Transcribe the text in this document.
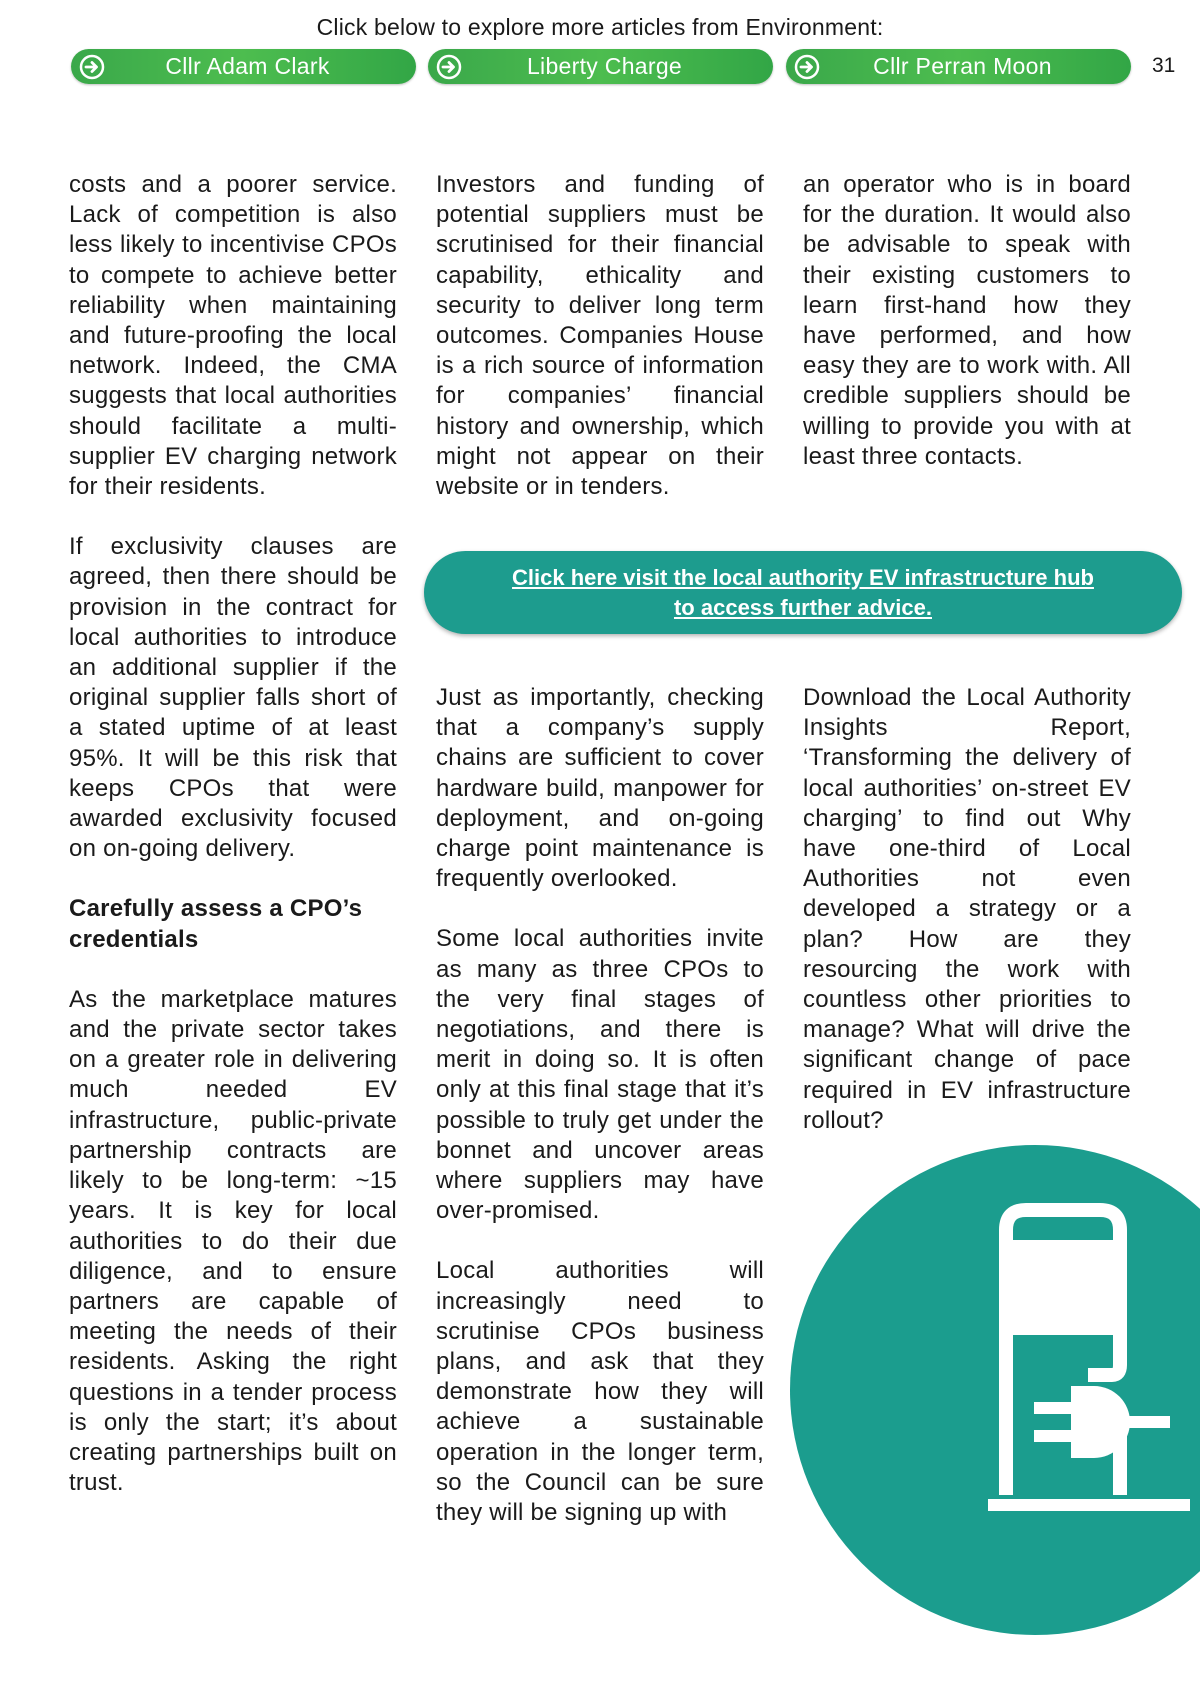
Click below to explore more articles from Environment:
Cllr Adam Clark	Liberty Charge	Cllr Perran Moon	31

costs and a poorer service. Lack of competition is also less likely to incentivise CPOs to compete to achieve better reliability when maintaining and future-proofing the local network. Indeed, the CMA suggests that local authorities should facilitate a multi-supplier EV charging network for their residents.

If exclusivity clauses are agreed, then there should be provision in the contract for local authorities to introduce an additional supplier if the original supplier falls short of a stated uptime of at least 95%. It will be this risk that keeps CPOs that were awarded exclusivity focused on on-going delivery.

Carefully assess a CPO’s credentials

As the marketplace matures and the private sector takes on a greater role in delivering much needed EV infrastructure, public-private partnership contracts are likely to be long-term: ~15 years. It is key for local authorities to do their due diligence, and to ensure partners are capable of meeting the needs of their residents. Asking the right questions in a tender process is only the start; it’s about creating partnerships built on trust.

Investors and funding of potential suppliers must be scrutinised for their financial capability, ethicality and security to deliver long term outcomes. Companies House is a rich source of information for companies’ financial history and ownership, which might not appear on their website or in tenders.

an operator who is in board for the duration. It would also be advisable to speak with their existing customers to learn first-hand how they have performed, and how easy they are to work with. All credible suppliers should be willing to provide you with at least three contacts.

Click here visit the local authority EV infrastructure hub to access further advice.

Just as importantly, checking that a company’s supply chains are sufficient to cover hardware build, manpower for deployment, and on-going charge point maintenance is frequently overlooked.

Some local authorities invite as many as three CPOs to the very final stages of negotiations, and there is merit in doing so. It is often only at this final stage that it’s possible to truly get under the bonnet and uncover areas where suppliers may have over-promised.

Local authorities will increasingly need to scrutinise CPOs business plans, and ask that they demonstrate how they will achieve a sustainable operation in the longer term, so the Council can be sure they will be signing up with

Download the Local Authority Insights Report, ‘Transforming the delivery of local authorities’ on-street EV charging’ to find out Why have one-third of Local Authorities not even developed a strategy or a plan? How are they resourcing the work with countless other priorities to manage? What will drive the significant change of pace required in EV infrastructure rollout?
